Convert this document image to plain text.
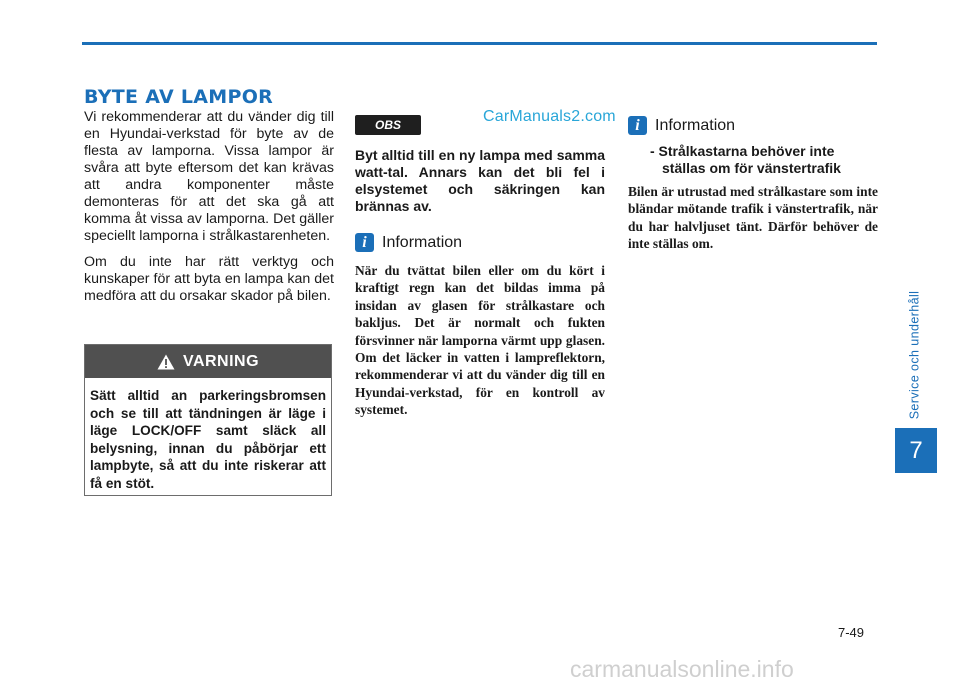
BYTE AV LAMPOR

Vi rekommenderar att du vänder dig till en Hyundai-verkstad för byte av de flesta av lamporna. Vissa lampor är svåra att byte eftersom det kan krävas att andra komponenter måste demonteras för att det ska gå att komma åt vissa av lamporna. Det gäller speciellt lamporna i strålkastarenheten.

Om du inte har rätt verktyg och kunskaper för att byta en lampa kan det medföra att du orsakar skador på bilen.

VARNING
Sätt alltid an parkeringsbromsen och se till att tändningen är läge i läge LOCK/OFF samt släck all belysning, innan du påbörjar ett lampbyte, så att du inte riskerar att få en stöt.
OBS

Byt alltid till en ny lampa med samma watt-tal. Annars kan det bli fel i elsystemet och säkringen kan brännas av.

i Information

När du tvättat bilen eller om du kört i kraftigt regn kan det bildas imma på insidan av glasen för strålkastare och bakljus. Det är normalt och fukten försvinner när lamporna värmt upp glasen. Om det läcker in vatten i lampreflektorn, rekommenderar vi att du vänder dig till en Hyundai-verkstad, för en kontroll av systemet.

CarManuals2.com	i Information

- Strålkastarna behöver inte ställas om för vänstertrafik

Bilen är utrustad med strålkastare som inte bländar mötande trafik i vänstertrafik, när du har halvljuset tänt. Därför behöver de inte ställas om.

Service och underhåll
7
7-49
carmanualsonline.info
